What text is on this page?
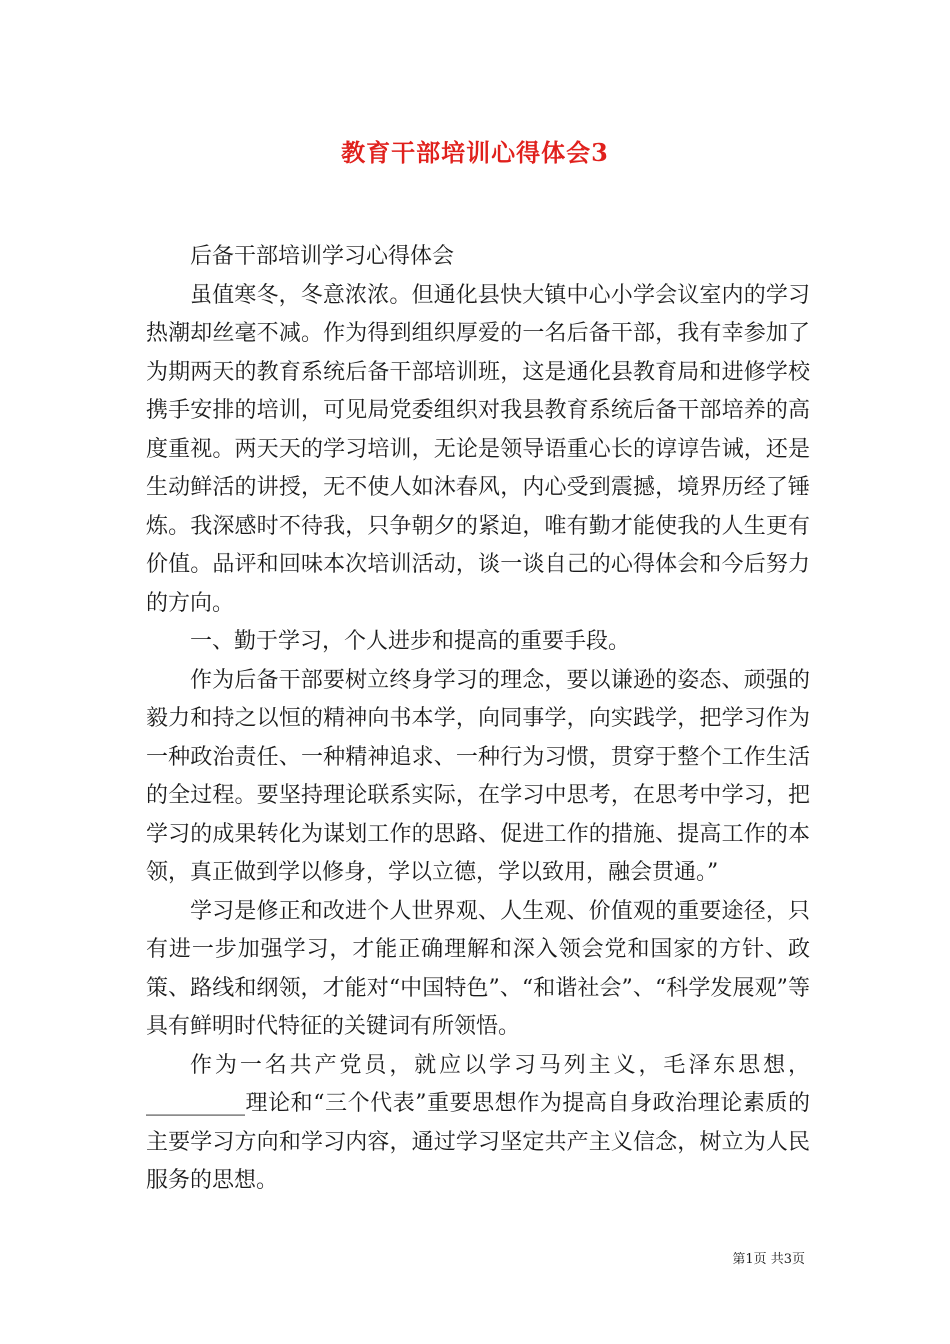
教育干部培训心得体会3

后备干部培训学习心得体会

虽值寒冬，冬意浓浓。但通化县快大镇中心小学会议室内的学习热潮却丝毫不减。作为得到组织厚爱的一名后备干部，我有幸参加了为期两天的教育系统后备干部培训班，这是通化县教育局和进修学校携手安排的培训，可见局党委组织对我县教育系统后备干部培养的高度重视。两天天的学习培训，无论是领导语重心长的谆谆告诫，还是生动鲜活的讲授，无不使人如沐春风，内心受到震撼，境界历经了锤炼。我深感时不待我，只争朝夕的紧迫，唯有勤才能使我的人生更有价值。品评和回味本次培训活动，谈一谈自己的心得体会和今后努力的方向。

一、勤于学习，个人进步和提高的重要手段。

作为后备干部要树立终身学习的理念，要以谦逊的姿态、顽强的毅力和持之以恒的精神向书本学，向同事学，向实践学，把学习作为一种政治责任、一种精神追求、一种行为习惯，贯穿于整个工作生活的全过程。要坚持理论联系实际，在学习中思考，在思考中学习，把学习的成果转化为谋划工作的思路、促进工作的措施、提高工作的本领，真正做到学以修身，学以立德，学以致用，融会贯通。”

学习是修正和改进个人世界观、人生观、价值观的重要途径，只有进一步加强学习，才能正确理解和深入领会党和国家的方针、政策、路线和纲领，才能对“中国特色”、“和谐社会”、“科学发展观”等具有鲜明时代特征的关键词有所领悟。

作为一名共产党员，就应以学习马列主义，毛泽东思想，_________理论和“三个代表”重要思想作为提高自身政治理论素质的主要学习方向和学习内容，通过学习坚定共产主义信念，树立为人民服务的思想。

第1页 共3页
